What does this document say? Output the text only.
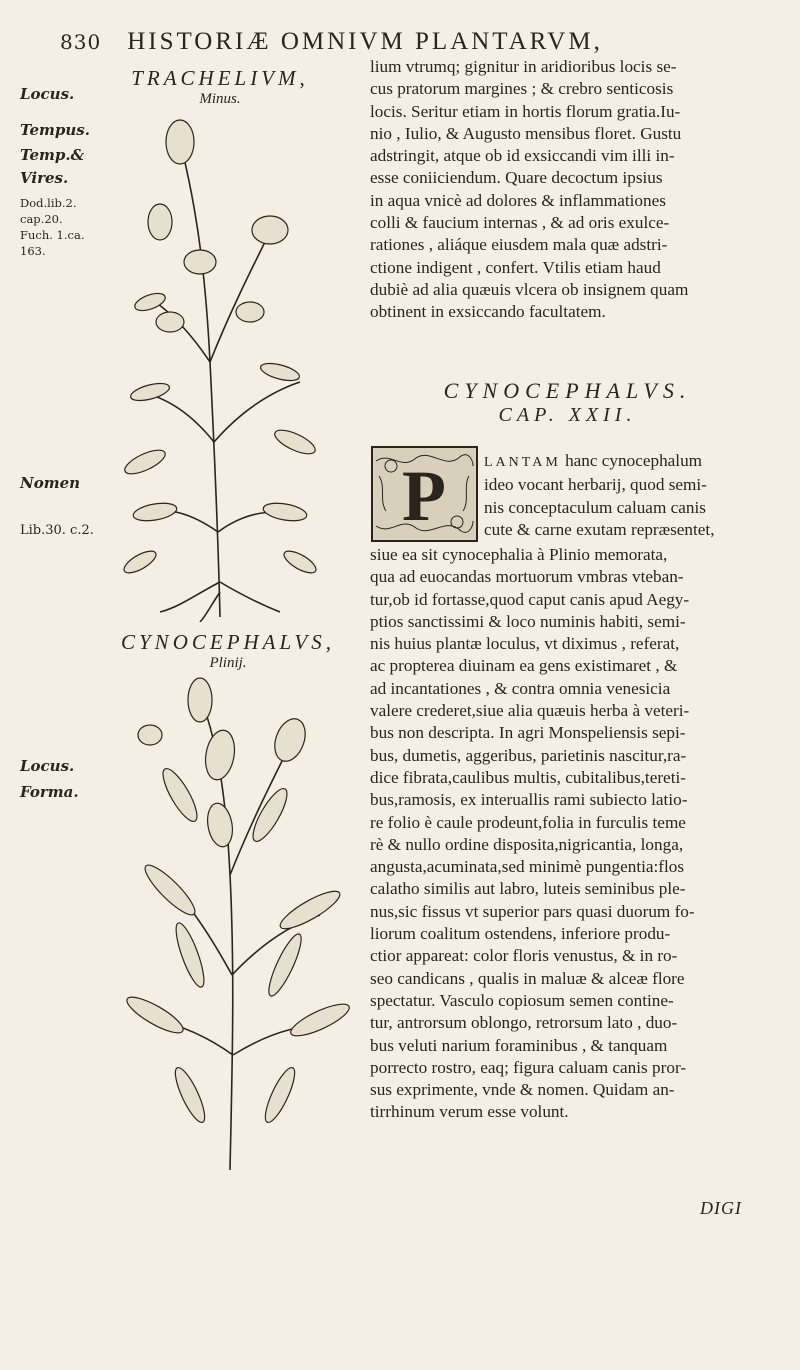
830 HISTORIÆ OMNIVM PLANTARVM,
Locus.
Tempus.
Temp.&
Vires.
Dod.lib.2.
cap.20.
Fuch. 1.ca.
163.
Nomen
Lib.30. c.2.
Locus.
Forma.
TRACHELIVM,
Minus.
CYNOCEPHALVS,
Plinij.

lium vtrumq; gignitur in aridioribus locis se-

cus pratorum margines ; & crebro senticosis

locis. Seritur etiam in hortis florum gratia.Iu-

nio , Iulio, & Augusto mensibus floret. Gustu

adstringit, atque ob id exsiccandi vim illi in-

esse coniiciendum. Quare decoctum ipsius

in aqua vnicè ad dolores & inflammationes

colli & faucium internas , & ad oris exulce-

rationes , aliáque eiusdem mala quæ adstri-

ctione indigent , confert. Vtilis etiam haud

dubiè ad alia quæuis vlcera ob insignem quam

obtinent in exsiccando facultatem.

CYNOCEPHALVS.
CAP. XXII.
P	LANTAM hanc cynocephalum

ideo vocant herbarij, quod semi-

nis conceptaculum caluam canis

cute & carne exutam repræsentet,

siue ea sit cynocephalia à Plinio memorata,

qua ad euocandas mortuorum vmbras vteban-

tur,ob id fortasse,quod caput canis apud Aegy-

ptios sanctissimi & loco numinis habiti, semi-

nis huius plantæ loculus, vt diximus , referat,

ac propterea diuinam ea gens existimaret , &

ad incantationes , & contra omnia venesicia

valere crederet,siue alia quæuis herba à veteri-

bus non descripta. In agri Monspeliensis sepi-

bus, dumetis, aggeribus, parietinis nascitur,ra-

dice fibrata,caulibus multis, cubitalibus,tereti-

bus,ramosis, ex interuallis rami subiecto latio-

re folio è caule prodeunt,folia in furculis teme

rè & nullo ordine disposita,nigricantia, longa,

angusta,acuminata,sed minimè pungentia:flos

calatho similis aut labro, luteis seminibus ple-

nus,sic fissus vt superior pars quasi duorum fo-

liorum coalitum ostendens, inferiore produ-

ctior appareat: color floris venustus, & in ro-

seo candicans , qualis in maluæ & alceæ flore

spectatur. Vasculo copiosum semen contine-

tur, antrorsum oblongo, retrorsum lato , duo-

bus veluti narium foraminibus , & tanquam

porrecto rostro, eaq; figura caluam canis pror-

sus exprimente, vnde & nomen. Quidam an-

tirrhinum verum esse volunt.

DIGI
